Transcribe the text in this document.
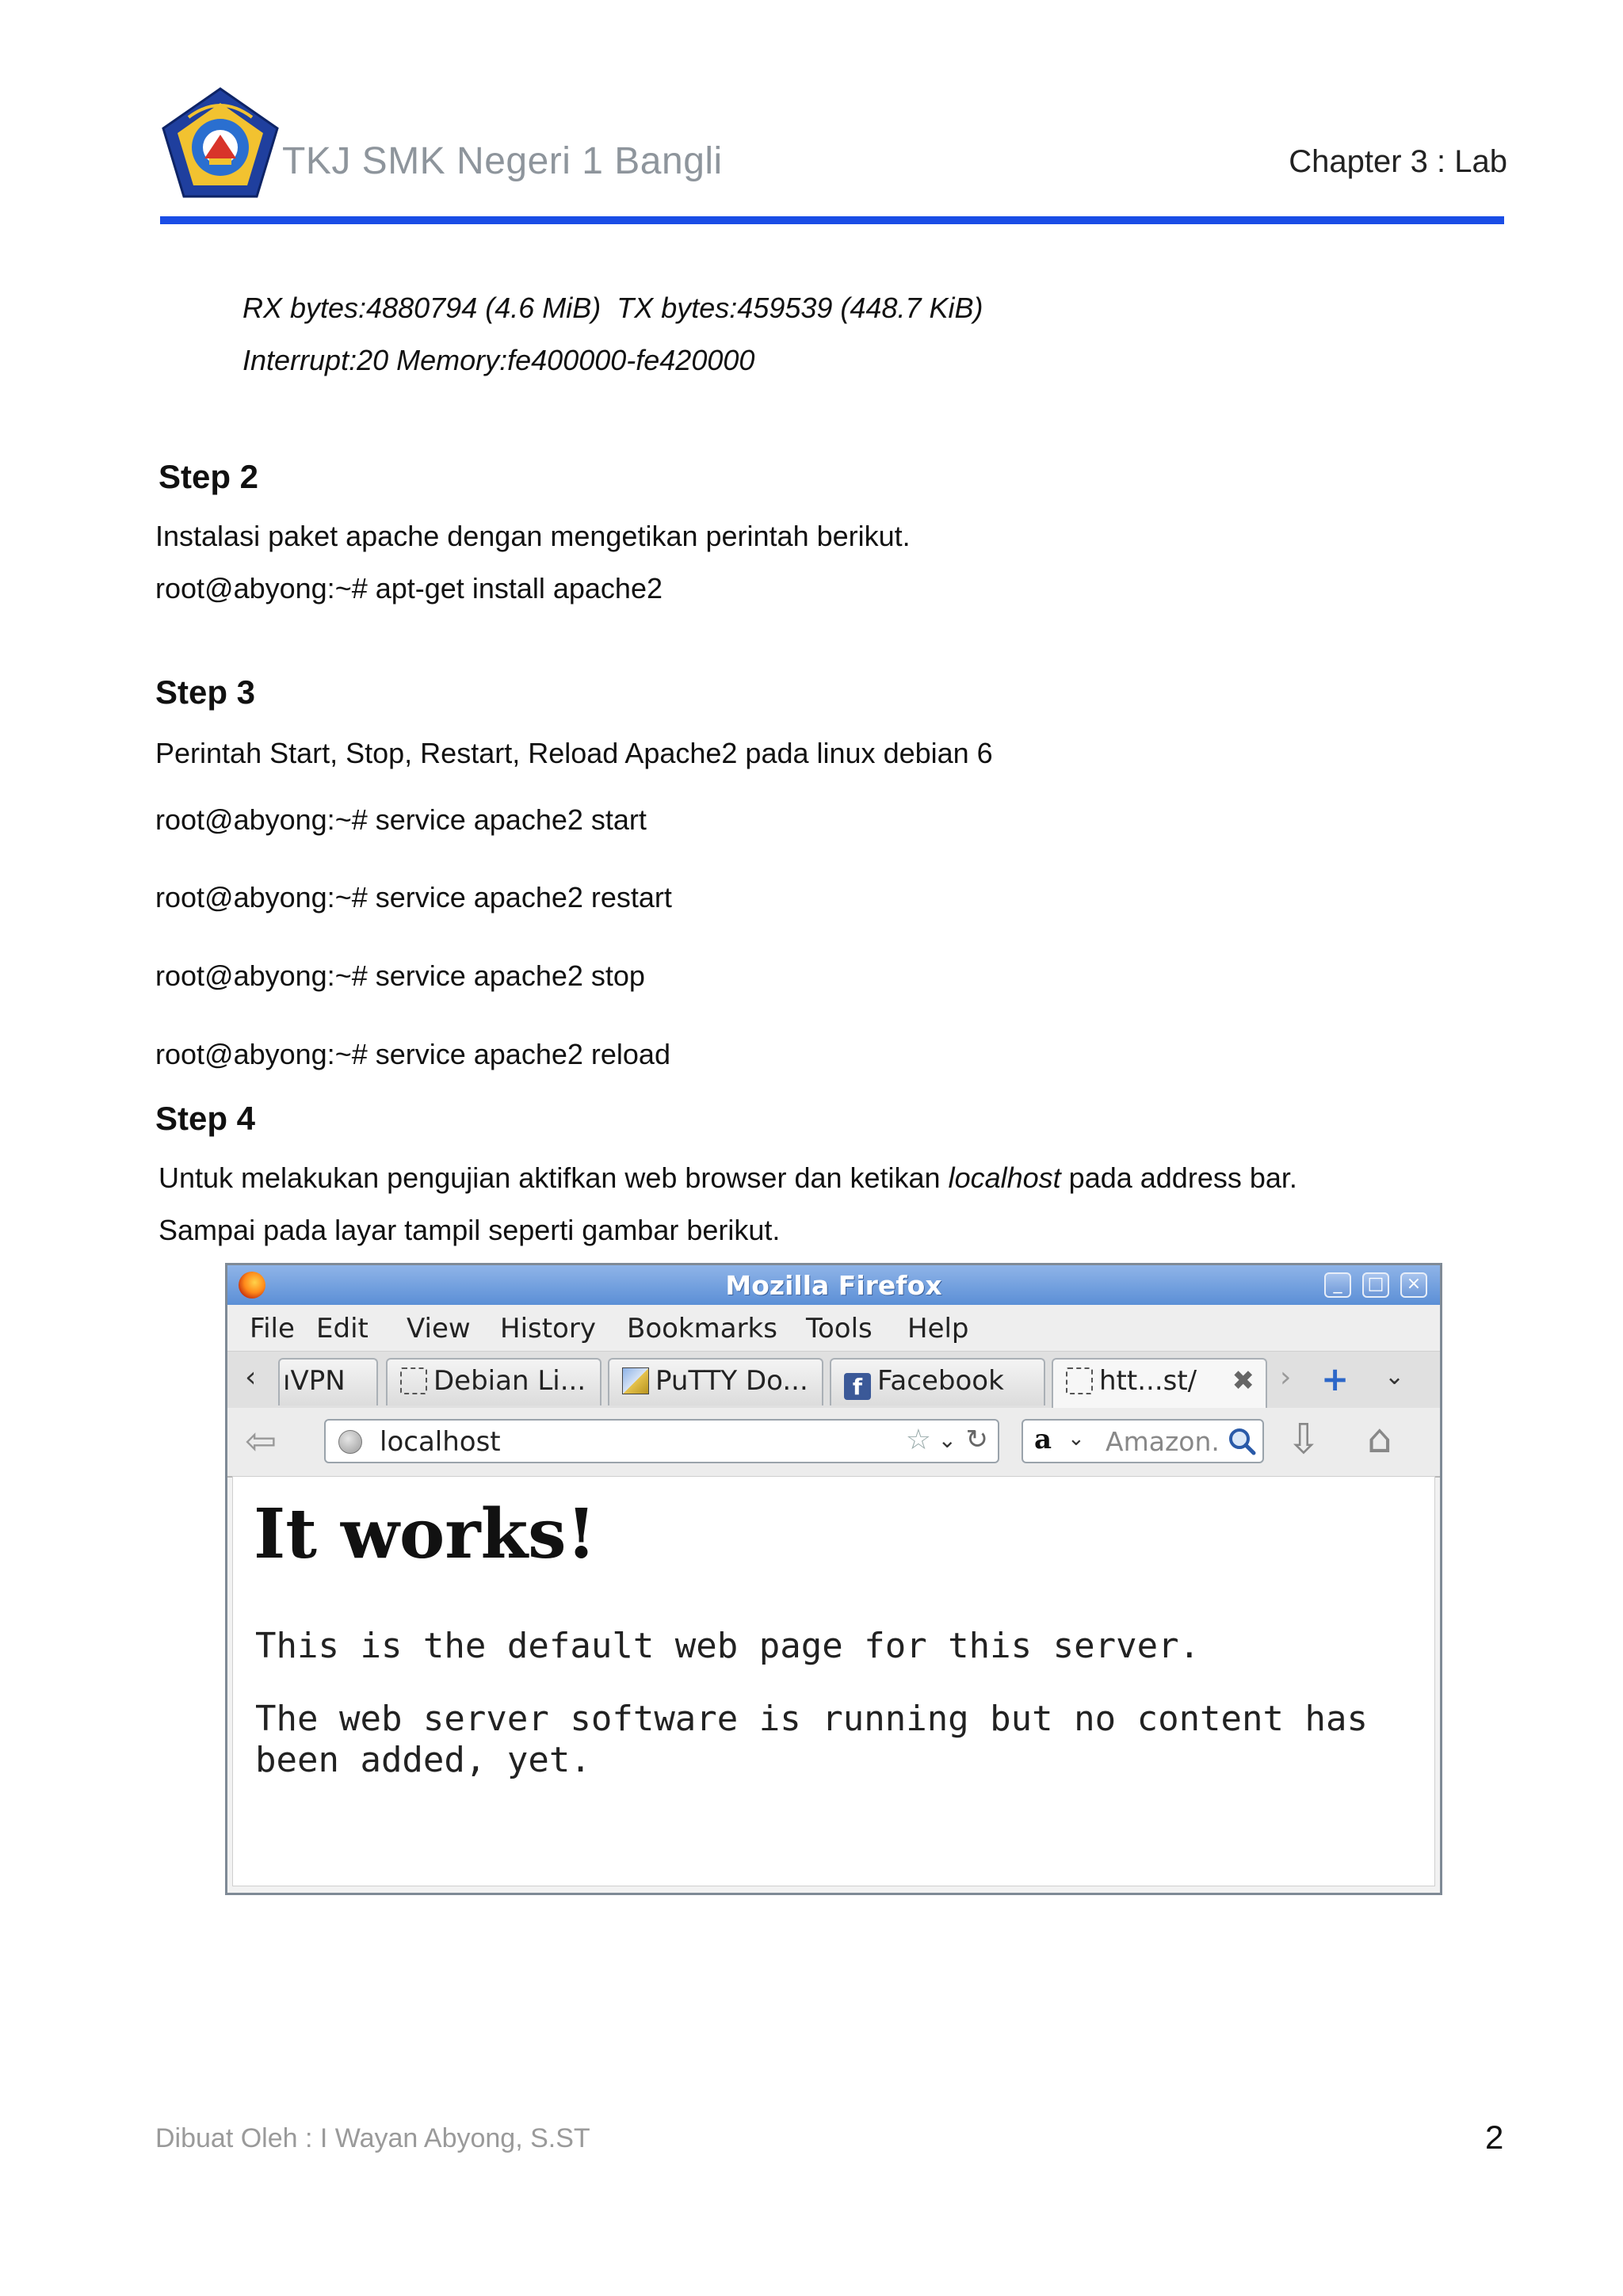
TKJ SMK Negeri 1 Bangli	Chapter 3 : Lab
RX bytes:4880794 (4.6 MiB)  TX bytes:459539 (448.7 KiB)
Interrupt:20 Memory:fe400000-fe420000
Step 2
Instalasi paket apache dengan mengetikan perintah berikut.
root@abyong:~# apt-get install apache2
Step 3
Perintah Start, Stop, Restart, Reload Apache2 pada linux debian 6
root@abyong:~# service apache2 start
root@abyong:~# service apache2 restart
root@abyong:~# service apache2 stop
root@abyong:~# service apache2 reload
Step 4
Untuk melakukan pengujian aktifkan web browser dan ketikan localhost pada address bar.
Sampai pada layar tampil seperti gambar berikut.
Mozilla Firefox	_	□	×
File Edit View History Bookmarks Tools Help
‹ ıVPN	Debian Li...	PuTTY Do...	f Facebook	htt...st/ ✖ › + ⌄
⇦	localhost	☆ ⌄ ↻ a ⌄ Amazon. ⇩ ⌂
It works!
This is the default web page for this server.
The web server software is running but no content has been added, yet.
Dibuat Oleh : I Wayan Abyong, S.ST	2
